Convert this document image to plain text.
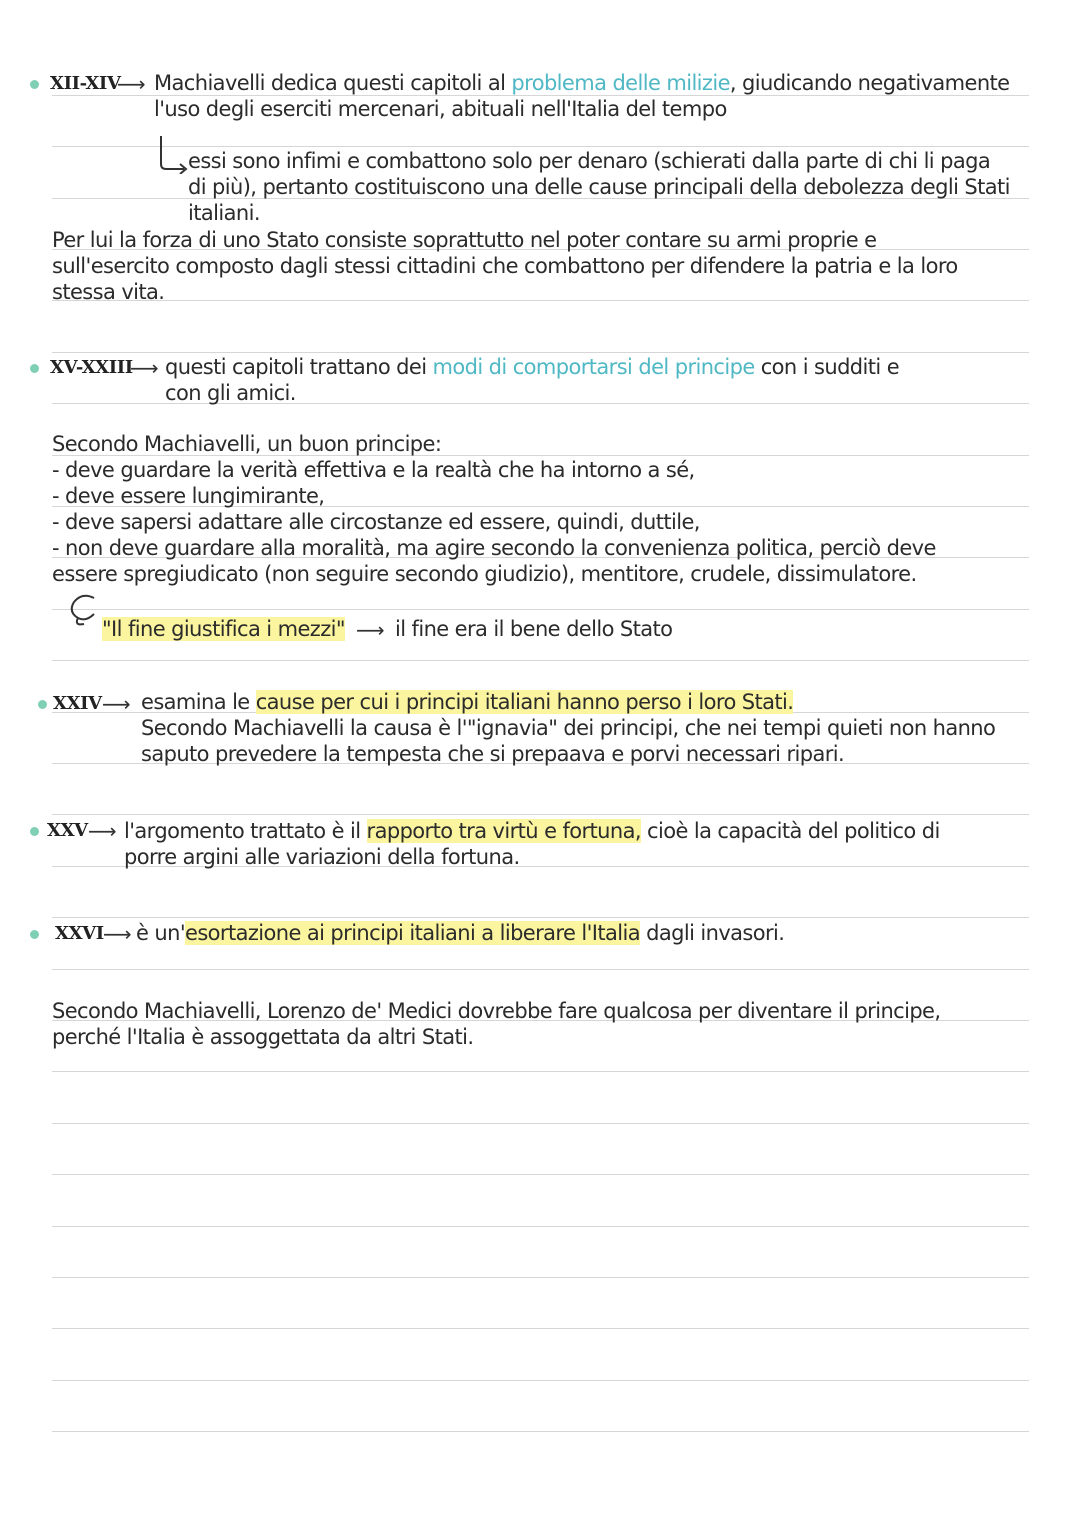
XII-XIV
⟶ Machiavelli dedica questi capitoli al problema delle milizie, giudicando negativamente
l'uso degli eserciti mercenari, abituali nell'Italia del tempo
essi sono infimi e combattono solo per denaro (schierati dalla parte di chi li paga
di più), pertanto costituiscono una delle cause principali della debolezza degli Stati
italiani.
Per lui la forza di uno Stato consiste soprattutto nel poter contare su armi proprie e
sull'esercito composto dagli stessi cittadini che combattono per difendere la patria e la loro
stessa vita.
XV-XXIII
⟶ questi capitoli trattano dei modi di comportarsi del principe con i sudditi e
con gli amici.
Secondo Machiavelli, un buon principe:
- deve guardare la verità effettiva e la realtà che ha intorno a sé,
- deve essere lungimirante,
- deve sapersi adattare alle circostanze ed essere, quindi, duttile,
- non deve guardare alla moralità, ma agire secondo la convenienza politica, perciò deve
essere spregiudicato (non seguire secondo giudizio), mentitore, crudele, dissimulatore.
"Il fine giustifica i mezzi" ⟶ il fine era il bene dello Stato
XXIV ⟶ esamina le cause per cui i principi italiani hanno perso i loro Stati.
Secondo Machiavelli la causa è l'"ignavia" dei principi, che nei tempi quieti non hanno
saputo prevedere la tempesta che si prepaava e porvi necessari ripari.
XXV ⟶ l'argomento trattato è il rapporto tra virtù e fortuna, cioè la capacità del politico di
porre argini alle variazioni della fortuna.
XXVI ⟶ è un'esortazione ai principi italiani a liberare l'Italia dagli invasori.
Secondo Machiavelli, Lorenzo de' Medici dovrebbe fare qualcosa per diventare il principe,
perché l'Italia è assoggettata da altri Stati.
